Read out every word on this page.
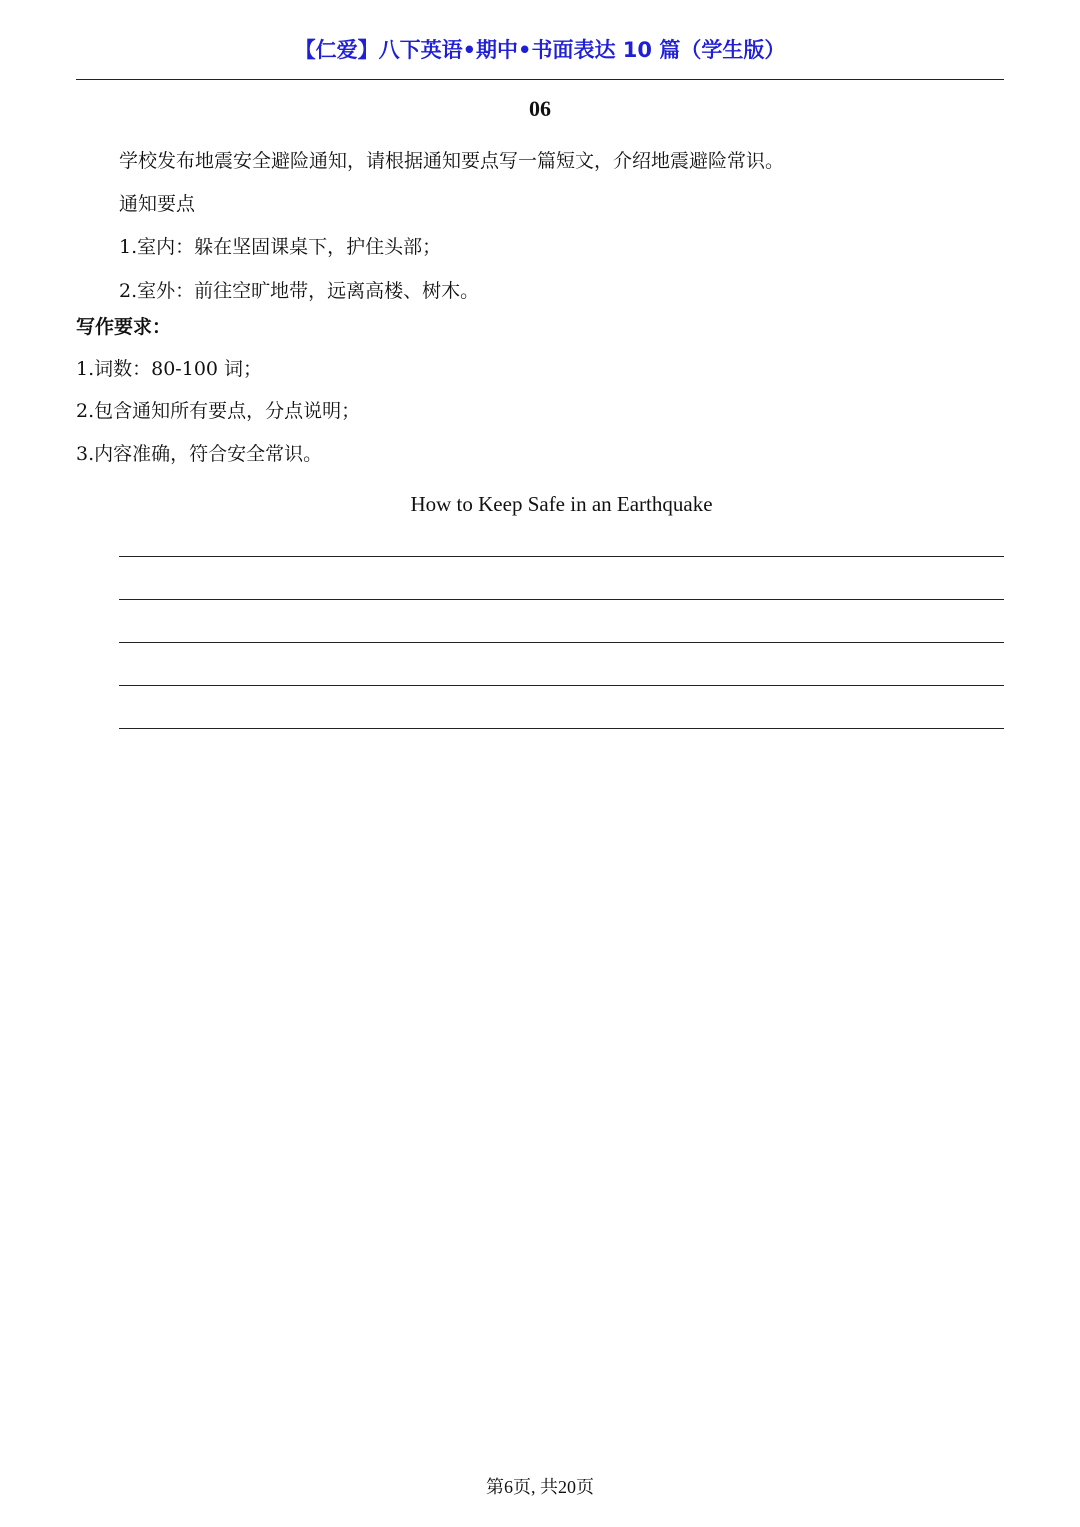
【仁爱】八下英语•期中•书面表达 10 篇（学生版）
06
学校发布地震安全避险通知，请根据通知要点写一篇短文，介绍地震避险常识。
通知要点
1.室内：躲在坚固课桌下，护住头部；
2.室外：前往空旷地带，远离高楼、树木。
写作要求：
1.词数：80-100 词；
2.包含通知所有要点，分点说明；
3.内容准确，符合安全常识。
How to Keep Safe in an Earthquake
第6页, 共20页
